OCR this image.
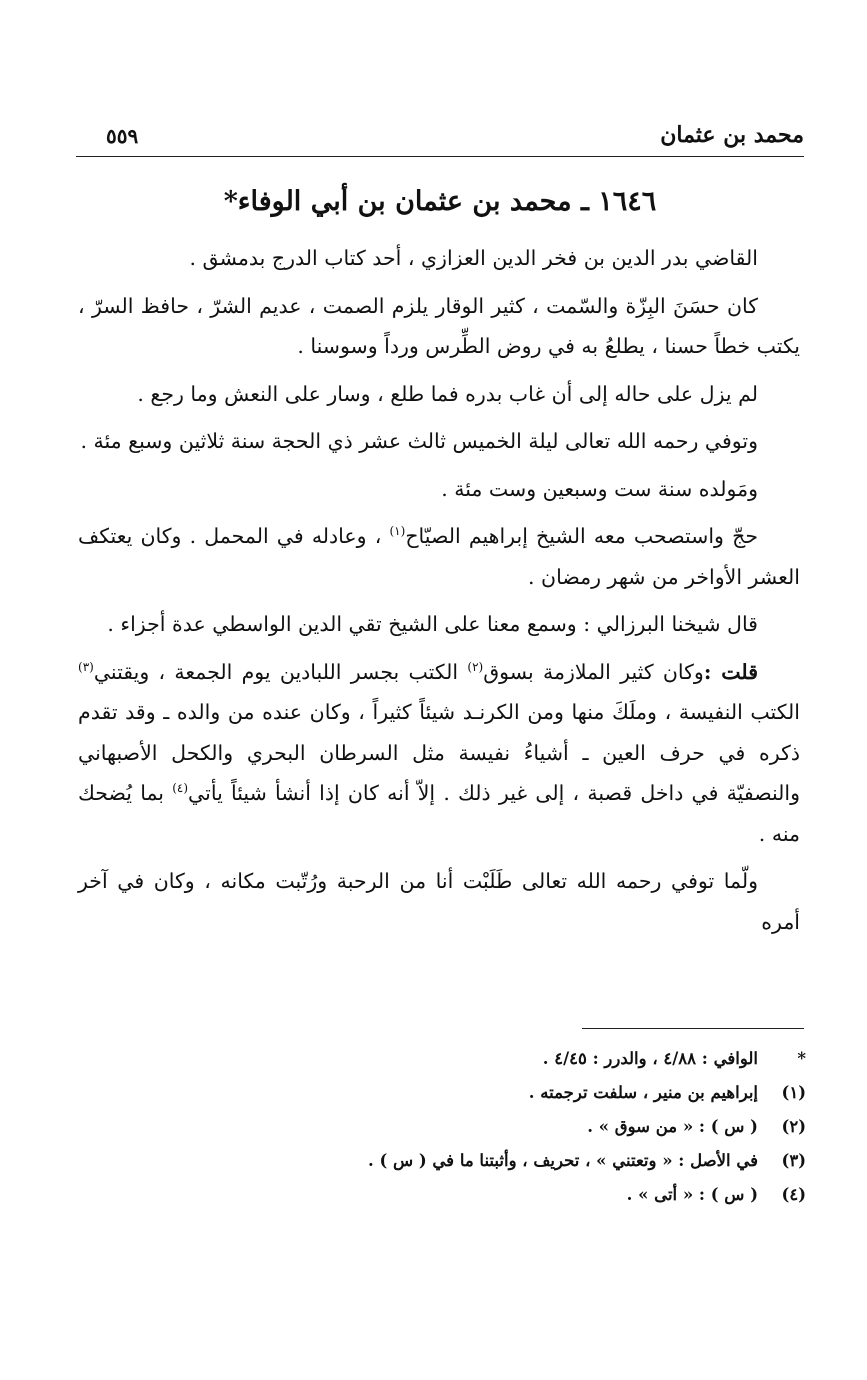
محمد بن عثمان
٥٥٩
١٦٤٦ ـ محمد بن عثمان بن أبي الوفاء*

القاضي بدر الدين بن فخر الدين العزازي ، أحد كتاب الدرج بدمشق .

كان حسَنَ البِزّة والسّمت ، كثير الوقار يلزم الصمت ، عديم الشرّ ، حافظ السرّ ، يكتب خطاً حسنا ، يطلعُ به في روض الطِّرس ورداً وسوسنا .

لم يزل على حاله إلى أن غاب بدره فما طلع ، وسار على النعش وما رجع .

وتوفي رحمه الله تعالى ليلة الخميس ثالث عشر ذي الحجة سنة ثلاثين وسبع مئة .

ومَولده سنة ست وسبعين وست مئة .

حجّ واستصحب معه الشيخ إبراهيم الصيّاح$^{(١)}$ ، وعادله في المحمل . وكان يعتكف العشر الأواخر من شهر رمضان .

قال شيخنا البرزالي : وسمع معنا على الشيخ تقي الدين الواسطي عدة أجزاء .

قلت :وكان كثير الملازمة بسوق$^{(٢)}$ الكتب بجسر اللبادين يوم الجمعة ، ويقتني$^{(٣)}$ الكتب النفيسة ، وملَكَ منها ومن الكرنـد شيئاً كثيراً ، وكان عنده من والده ـ وقد تقدم ذكره في حرف العين ـ أشياءُ نفيسة مثل السرطان البحري والكحل الأصبهاني والنصفيّة في داخل قصبة ، إلى غير ذلك . إلاّ أنه كان إذا أنشأ شيئاً يأتي$^{(٤)}$ بما يُضحك منه .

ولّما توفي رحمه الله تعالى طَلَبْت أنا من الرحبة ورُتّبت مكانه ، وكان في آخر أمره

*
الوافي : ٤/٨٨ ، والدرر : ٤/٤٥ .
(١)
إبراهيم بن منير ، سلفت ترجمته .
(٢)
( س ) : « من سوق » .
(٣)
في الأصل : « وتعتني » ، تحريف ، وأثبتنا ما في ( س ) .
(٤)
( س ) : « أتى » .
